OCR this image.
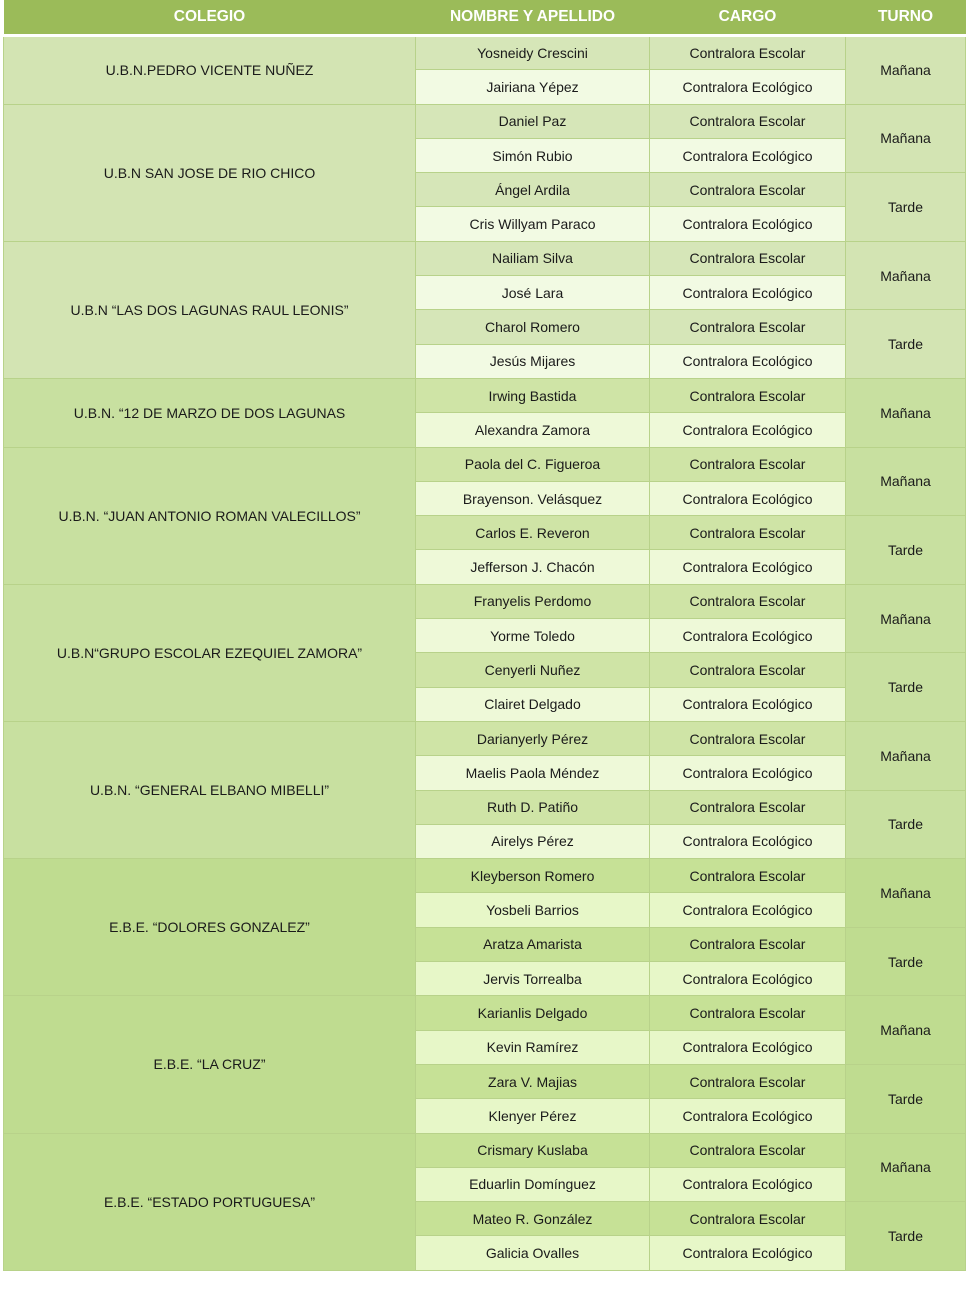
COLEGIO	NOMBRE Y APELLIDO	CARGO	TURNO
U.B.N.PEDRO VICENTE NUÑEZ	Yosneidy Crescini	Contralora Escolar	Mañana
	Jairiana Yépez	Contralora Ecológico	
U.B.N SAN JOSE DE RIO CHICO	Daniel Paz	Contralora Escolar	Mañana
	Simón Rubio	Contralora Ecológico	
	Ángel Ardila	Contralora Escolar	Tarde
	Cris Willyam Paraco	Contralora Ecológico	
U.B.N “LAS DOS LAGUNAS RAUL LEONIS”	Nailiam Silva	Contralora Escolar	Mañana
	José Lara	Contralora Ecológico	
	Charol Romero	Contralora Escolar	Tarde
	Jesús Mijares	Contralora Ecológico	
U.B.N. “12 DE MARZO DE DOS LAGUNAS	Irwing Bastida	Contralora Escolar	Mañana
	Alexandra Zamora	Contralora Ecológico	
U.B.N. “JUAN ANTONIO ROMAN VALECILLOS”	Paola del C. Figueroa	Contralora Escolar	Mañana
	Brayenson. Velásquez	Contralora Ecológico	
	Carlos E. Reveron	Contralora Escolar	Tarde
	Jefferson J. Chacón	Contralora Ecológico	
U.B.N“GRUPO ESCOLAR EZEQUIEL ZAMORA”	Franyelis Perdomo	Contralora Escolar	Mañana
	Yorme Toledo	Contralora Ecológico	
	Cenyerli Nuñez	Contralora Escolar	Tarde
	Clairet Delgado	Contralora Ecológico	
U.B.N. “GENERAL ELBANO MIBELLI”	Darianyerly Pérez	Contralora Escolar	Mañana
	Maelis Paola Méndez	Contralora Ecológico	
	Ruth D. Patiño	Contralora Escolar	Tarde
	Airelys Pérez	Contralora Ecológico	
E.B.E. “DOLORES GONZALEZ”	Kleyberson Romero	Contralora Escolar	Mañana
	Yosbeli Barrios	Contralora Ecológico	
	Aratza Amarista	Contralora Escolar	Tarde
	Jervis Torrealba	Contralora Ecológico	
E.B.E. “LA CRUZ”	Karianlis Delgado	Contralora Escolar	Mañana
	Kevin Ramírez	Contralora Ecológico	
	Zara V. Majias	Contralora Escolar	Tarde
	Klenyer Pérez	Contralora Ecológico	
E.B.E. “ESTADO PORTUGUESA”	Crismary Kuslaba	Contralora Escolar	Mañana
	Eduarlin Domínguez	Contralora Ecológico	
	Mateo R. González	Contralora Escolar	Tarde
	Galicia Ovalles	Contralora Ecológico	
